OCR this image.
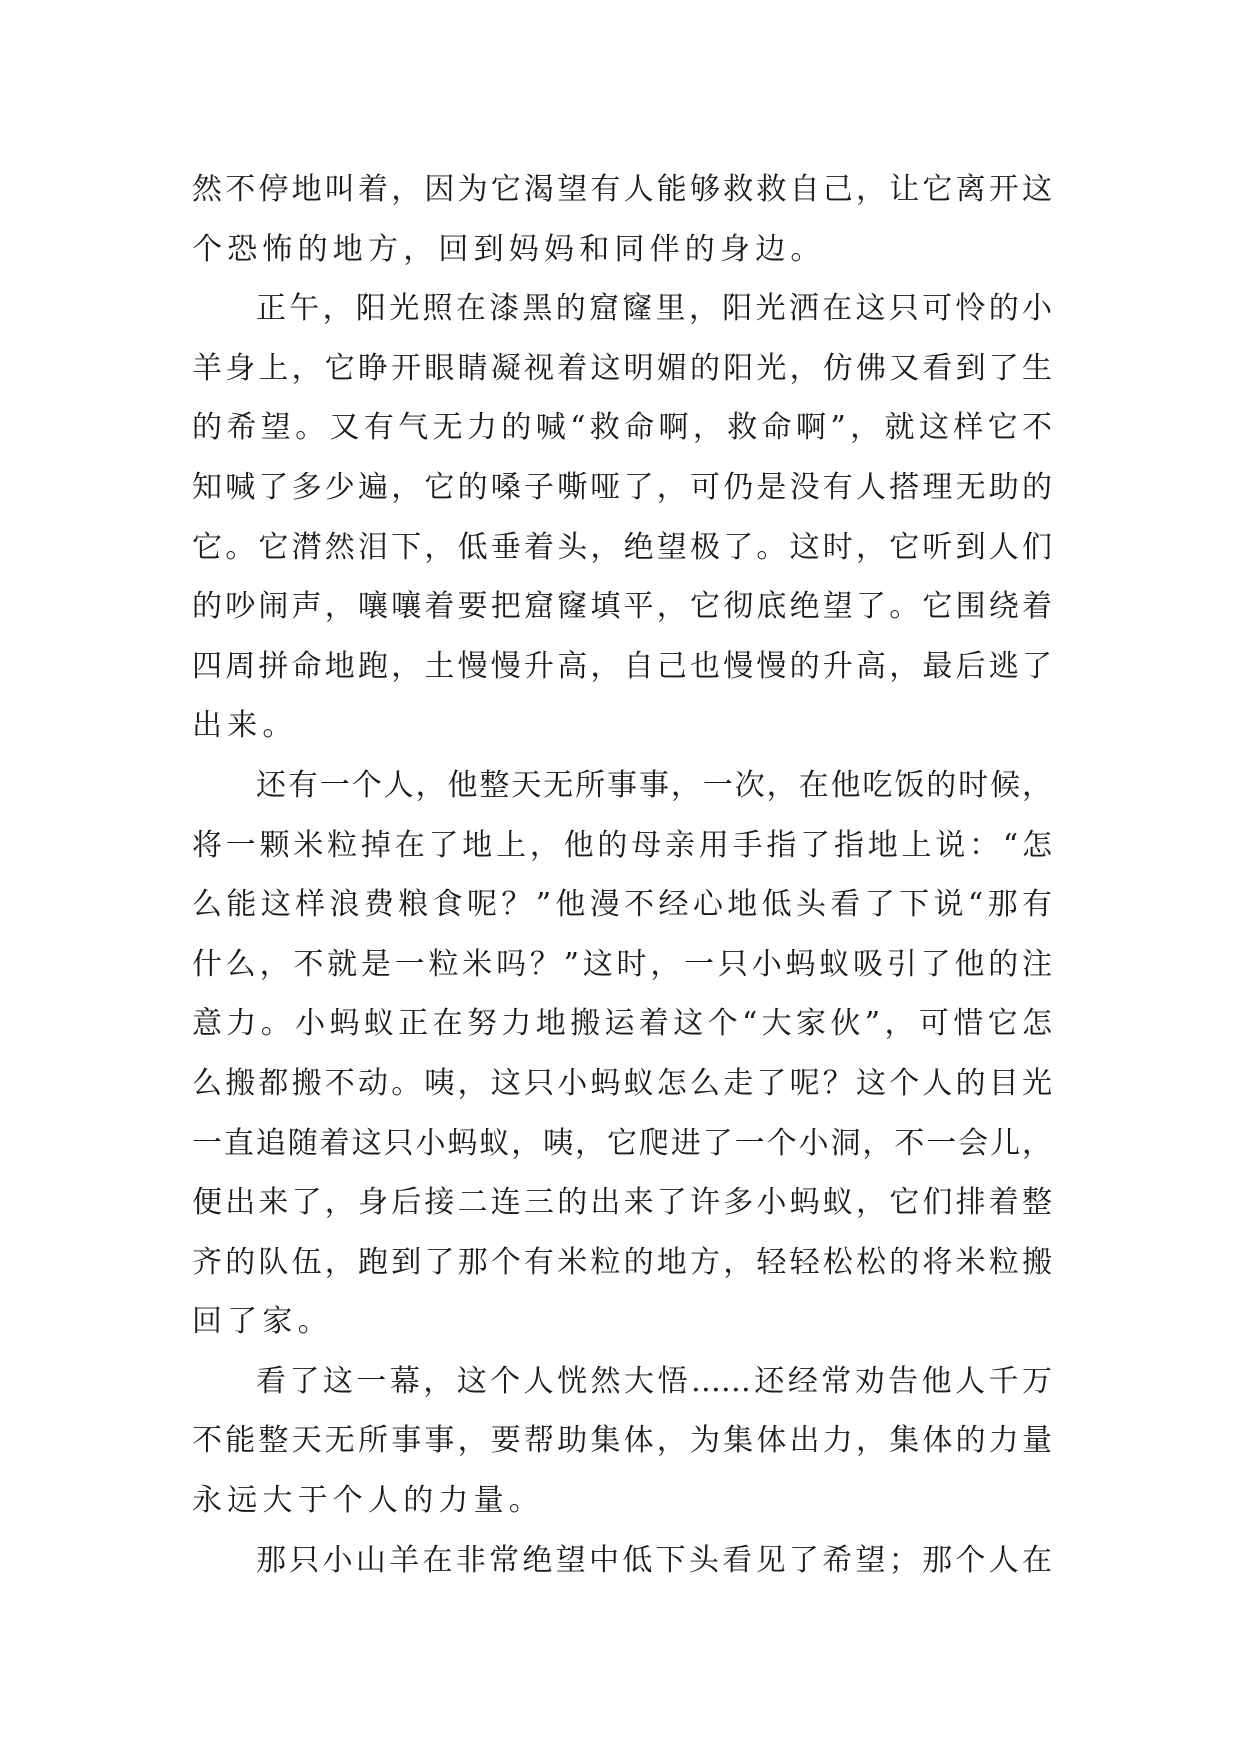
然不停地叫着，因为它渴望有人能够救救自己，让它离开这
个恐怖的地方，回到妈妈和同伴的身边。
正午，阳光照在漆黑的窟窿里，阳光洒在这只可怜的小
羊身上，它睁开眼睛凝视着这明媚的阳光，仿佛又看到了生
的希望。又有气无力的喊“救命啊，救命啊”，就这样它不
知喊了多少遍，它的嗓子嘶哑了，可仍是没有人搭理无助的
它。它潸然泪下，低垂着头，绝望极了。这时，它听到人们
的吵闹声，嚷嚷着要把窟窿填平，它彻底绝望了。它围绕着
四周拼命地跑，土慢慢升高，自己也慢慢的升高，最后逃了
出来。
还有一个人，他整天无所事事，一次，在他吃饭的时候，
将一颗米粒掉在了地上，他的母亲用手指了指地上说：“怎
么能这样浪费粮食呢？”他漫不经心地低头看了下说“那有
什么，不就是一粒米吗？”这时，一只小蚂蚁吸引了他的注
意力。小蚂蚁正在努力地搬运着这个“大家伙”，可惜它怎
么搬都搬不动。咦，这只小蚂蚁怎么走了呢？这个人的目光
一直追随着这只小蚂蚁，咦，它爬进了一个小洞，不一会儿，
便出来了，身后接二连三的出来了许多小蚂蚁，它们排着整
齐的队伍，跑到了那个有米粒的地方，轻轻松松的将米粒搬
回了家。
看了这一幕，这个人恍然大悟……还经常劝告他人千万
不能整天无所事事，要帮助集体，为集体出力，集体的力量
永远大于个人的力量。
那只小山羊在非常绝望中低下头看见了希望；那个人在
